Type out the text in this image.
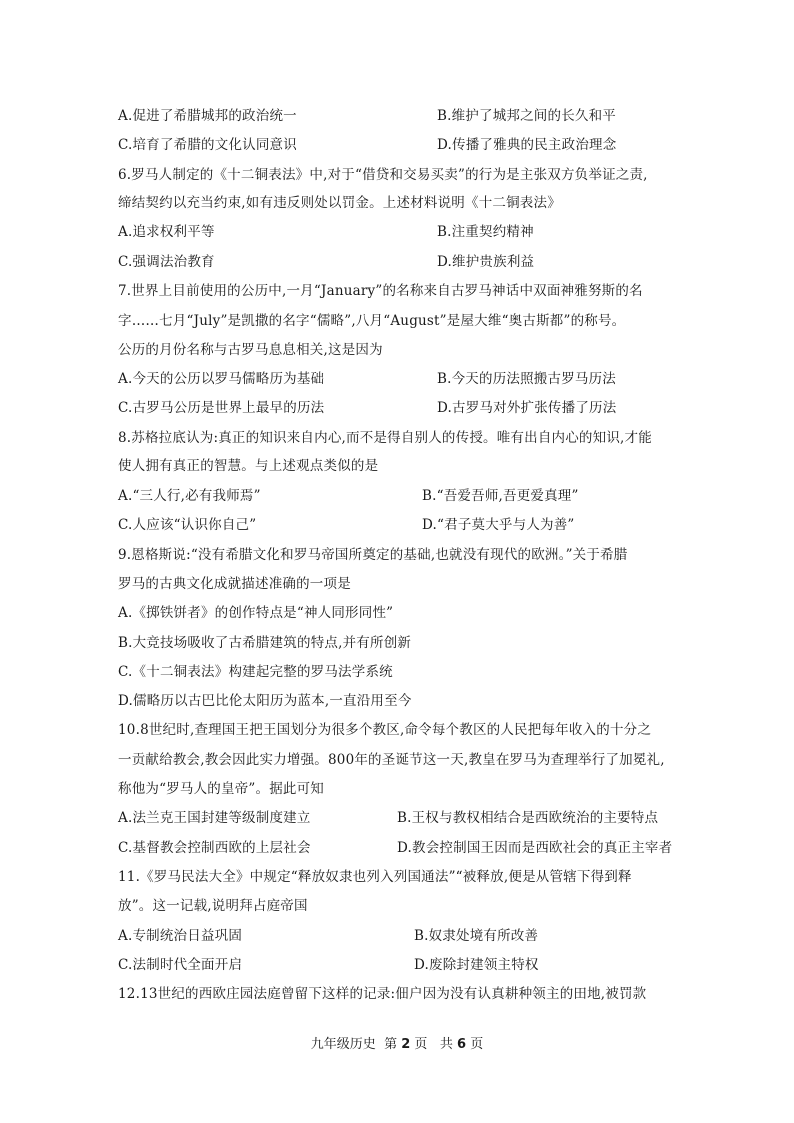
A.促进了希腊城邦的政治统一	B.维护了城邦之间的长久和平
C.培育了希腊的文化认同意识	D.传播了雅典的民主政治理念
6.罗马人制定的《十二铜表法》中,对于“借贷和交易买卖”的行为是主张双方负举证之责,
缔结契约以充当约束,如有违反则处以罚金。上述材料说明《十二铜表法》
A.追求权利平等	B.注重契约精神
C.强调法治教育	D.维护贵族利益
7.世界上目前使用的公历中,一月“January”的名称来自古罗马神话中双面神雅努斯的名
字……七月“July”是凯撒的名字“儒略”,八月“August”是屋大维“奥古斯都”的称号。
公历的月份名称与古罗马息息相关,这是因为
A.今天的公历以罗马儒略历为基础	B.今天的历法照搬古罗马历法
C.古罗马公历是世界上最早的历法	D.古罗马对外扩张传播了历法
8.苏格拉底认为:真正的知识来自内心,而不是得自别人的传授。唯有出自内心的知识,才能
使人拥有真正的智慧。与上述观点类似的是
A.“三人行,必有我师焉”	B.“吾爱吾师,吾更爱真理”
C.人应该“认识你自己”	D.“君子莫大乎与人为善”
9.恩格斯说:“没有希腊文化和罗马帝国所奠定的基础,也就没有现代的欧洲。”关于希腊
罗马的古典文化成就描述准确的一项是
A.《掷铁饼者》的创作特点是“神人同形同性”
B.大竞技场吸收了古希腊建筑的特点,并有所创新
C.《十二铜表法》构建起完整的罗马法学系统
D.儒略历以古巴比伦太阳历为蓝本,一直沿用至今
10.8世纪时,查理国王把王国划分为很多个教区,命令每个教区的人民把每年收入的十分之
一贡献给教会,教会因此实力增强。800年的圣诞节这一天,教皇在罗马为查理举行了加冕礼,
称他为“罗马人的皇帝”。据此可知
A.法兰克王国封建等级制度建立	B.王权与教权相结合是西欧统治的主要特点
C.基督教会控制西欧的上层社会	D.教会控制国王因而是西欧社会的真正主宰者
11.《罗马民法大全》中规定“释放奴隶也列入列国通法”“被释放,便是从管辖下得到释
放”。这一记载,说明拜占庭帝国
A.专制统治日益巩固	B.奴隶处境有所改善
C.法制时代全面开启	D.废除封建领主特权
12.13世纪的西欧庄园法庭曾留下这样的记录:佃户因为没有认真耕种领主的田地,被罚款
九年级历史 第 2 页 共 6 页
